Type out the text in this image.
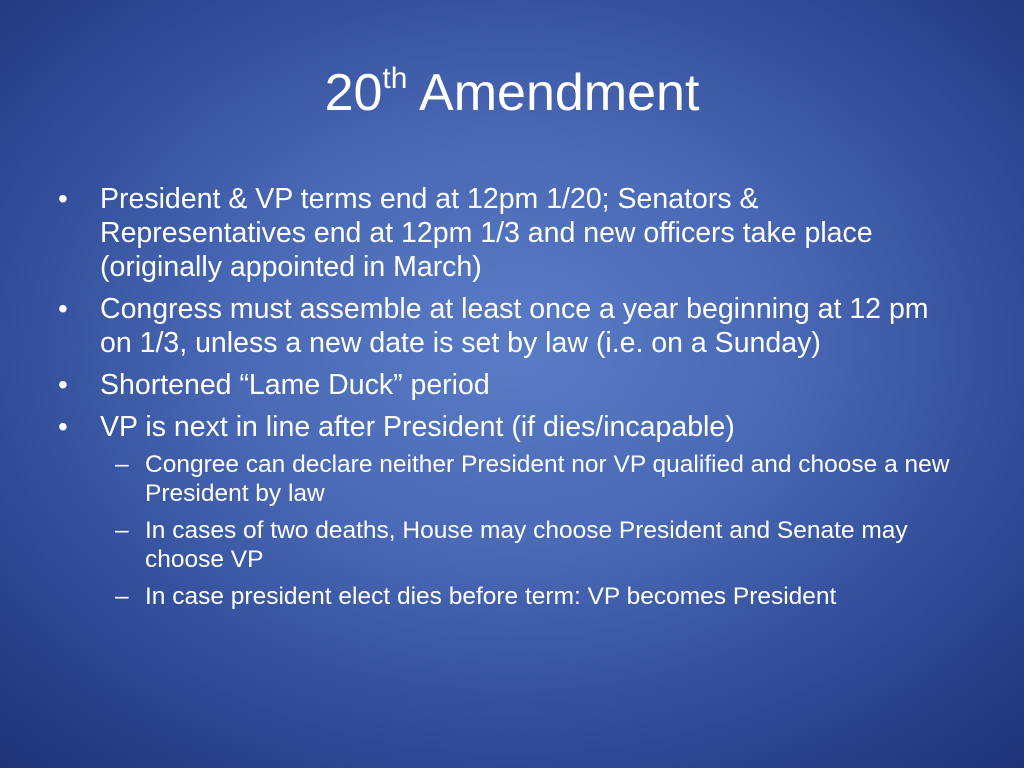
20th Amendment
• President & VP terms end at 12pm 1/20; Senators & Representatives end at 12pm 1/3 and new officers take place (originally appointed in March)
• Congress must assemble at least once a year beginning at 12 pm on 1/3, unless a new date is set by law (i.e. on a Sunday)
• Shortened “Lame Duck” period
• VP is next in line after President (if dies/incapable)
– Congree can declare neither President nor VP qualified and choose a new President by law
– In cases of two deaths, House may choose President and Senate may choose VP
– In case president elect dies before term: VP becomes President
